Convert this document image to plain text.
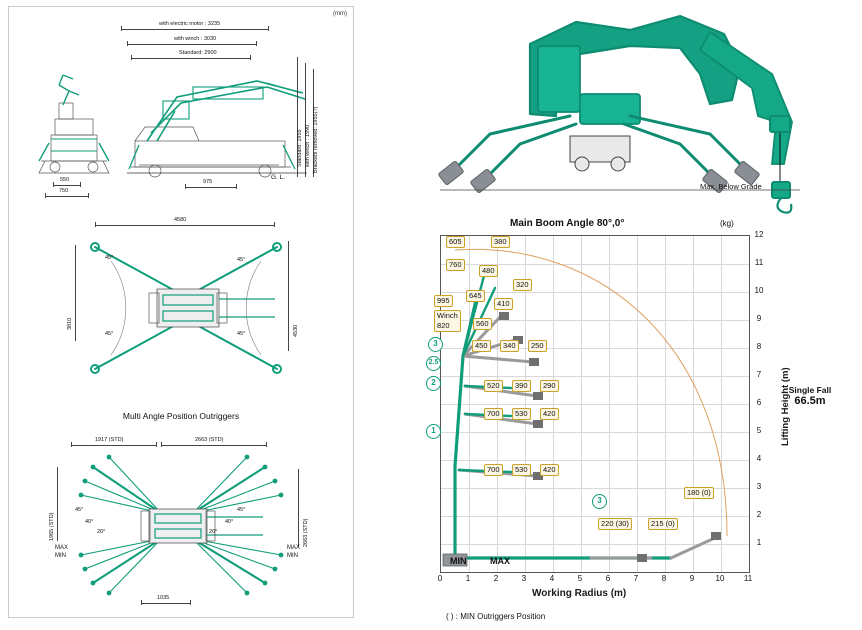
(mm)
with electric motor : 3235
with winch : 3030
Standard: 2900
Standard: 1955 with winch : 1990 Brackets removed: 1955(?)
G. L.
550
750
975
4580
3810
4530
45°
45°
45°
45°
Multi Angle Position Outriggers
1917 (STD)	2663 (STD)
1965 (STD)	2663 (STD)
45°
40°
20°
45°
40°
20°
MAX
MIN
MAX
MIN
1035
Max. Below Grade
Single Fall
66.5m
Main Boom Angle 80°,0°	(kg)
12
11
10
9
8
7
6
5
4
3
2
1
Lifting Height (m)
0	1	2	3	4	5	6	7	8	9	10	11
Working Radius (m)
( ) : MIN Outriggers Position
MIN	MAX
3
2.5
2
1
3
605	380
760
480
320
645
410
995
Winch
820	560
450	340	250
520	390	290
700	530	420
700	530	420
180 (0)
220 (30)	215 (0)
